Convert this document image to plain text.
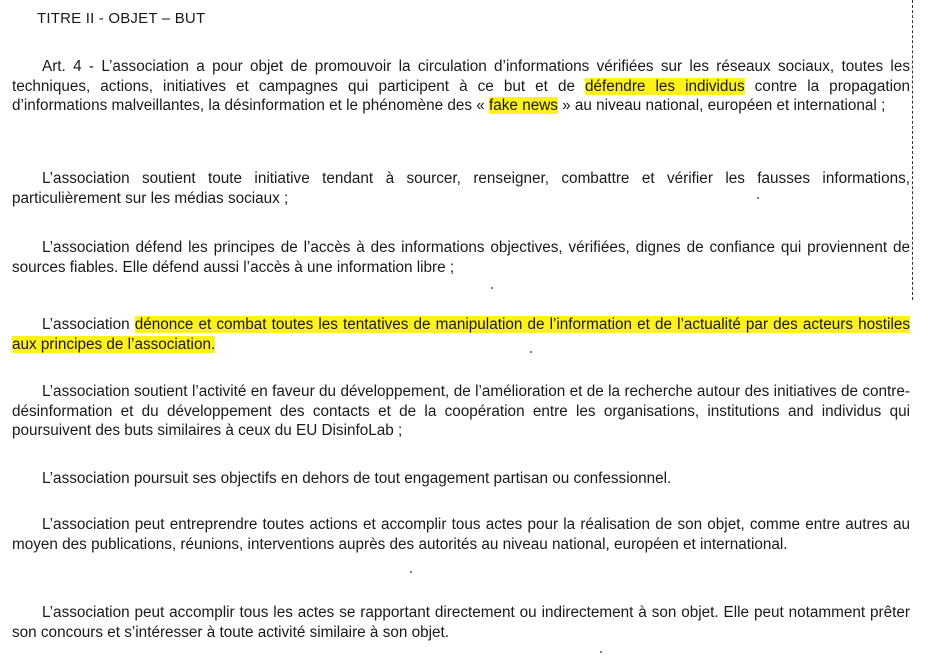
TITRE II - OBJET – BUT

Art. 4 - L’association a pour objet de promouvoir la circulation d’informations vérifiées sur les réseaux sociaux, toutes les techniques, actions, initiatives et campagnes qui participent à ce but et de défendre les individus contre la propagation d’informations malveillantes, la désinformation et le phénomène des « fake news » au niveau national, européen et international ;

L’association soutient toute initiative tendant à sourcer, renseigner, combattre et vérifier les fausses informations, particulièrement sur les médias sociaux ;

L’association défend les principes de l’accès à des informations objectives, vérifiées, dignes de confiance qui proviennent de sources fiables. Elle défend aussi l’accès à une information libre ;

L’association dénonce et combat toutes les tentatives de manipulation de l’information et de l’actualité par des acteurs hostiles aux principes de l’association.

L’association soutient l’activité en faveur du développement, de l’amélioration et de la recherche autour des initiatives de contre-désinformation et du développement des contacts et de la coopération entre les organisations, institutions and individus qui poursuivent des buts similaires à ceux du EU DisinfoLab ;

L’association poursuit ses objectifs en dehors de tout engagement partisan ou confessionnel.

L’association peut entreprendre toutes actions et accomplir tous actes pour la réalisation de son objet, comme entre autres au moyen des publications, réunions, interventions auprès des autorités au niveau national, européen et international.

L’association peut accomplir tous les actes se rapportant directement ou indirectement à son objet. Elle peut notamment prêter son concours et s’intéresser à toute activité similaire à son objet.
